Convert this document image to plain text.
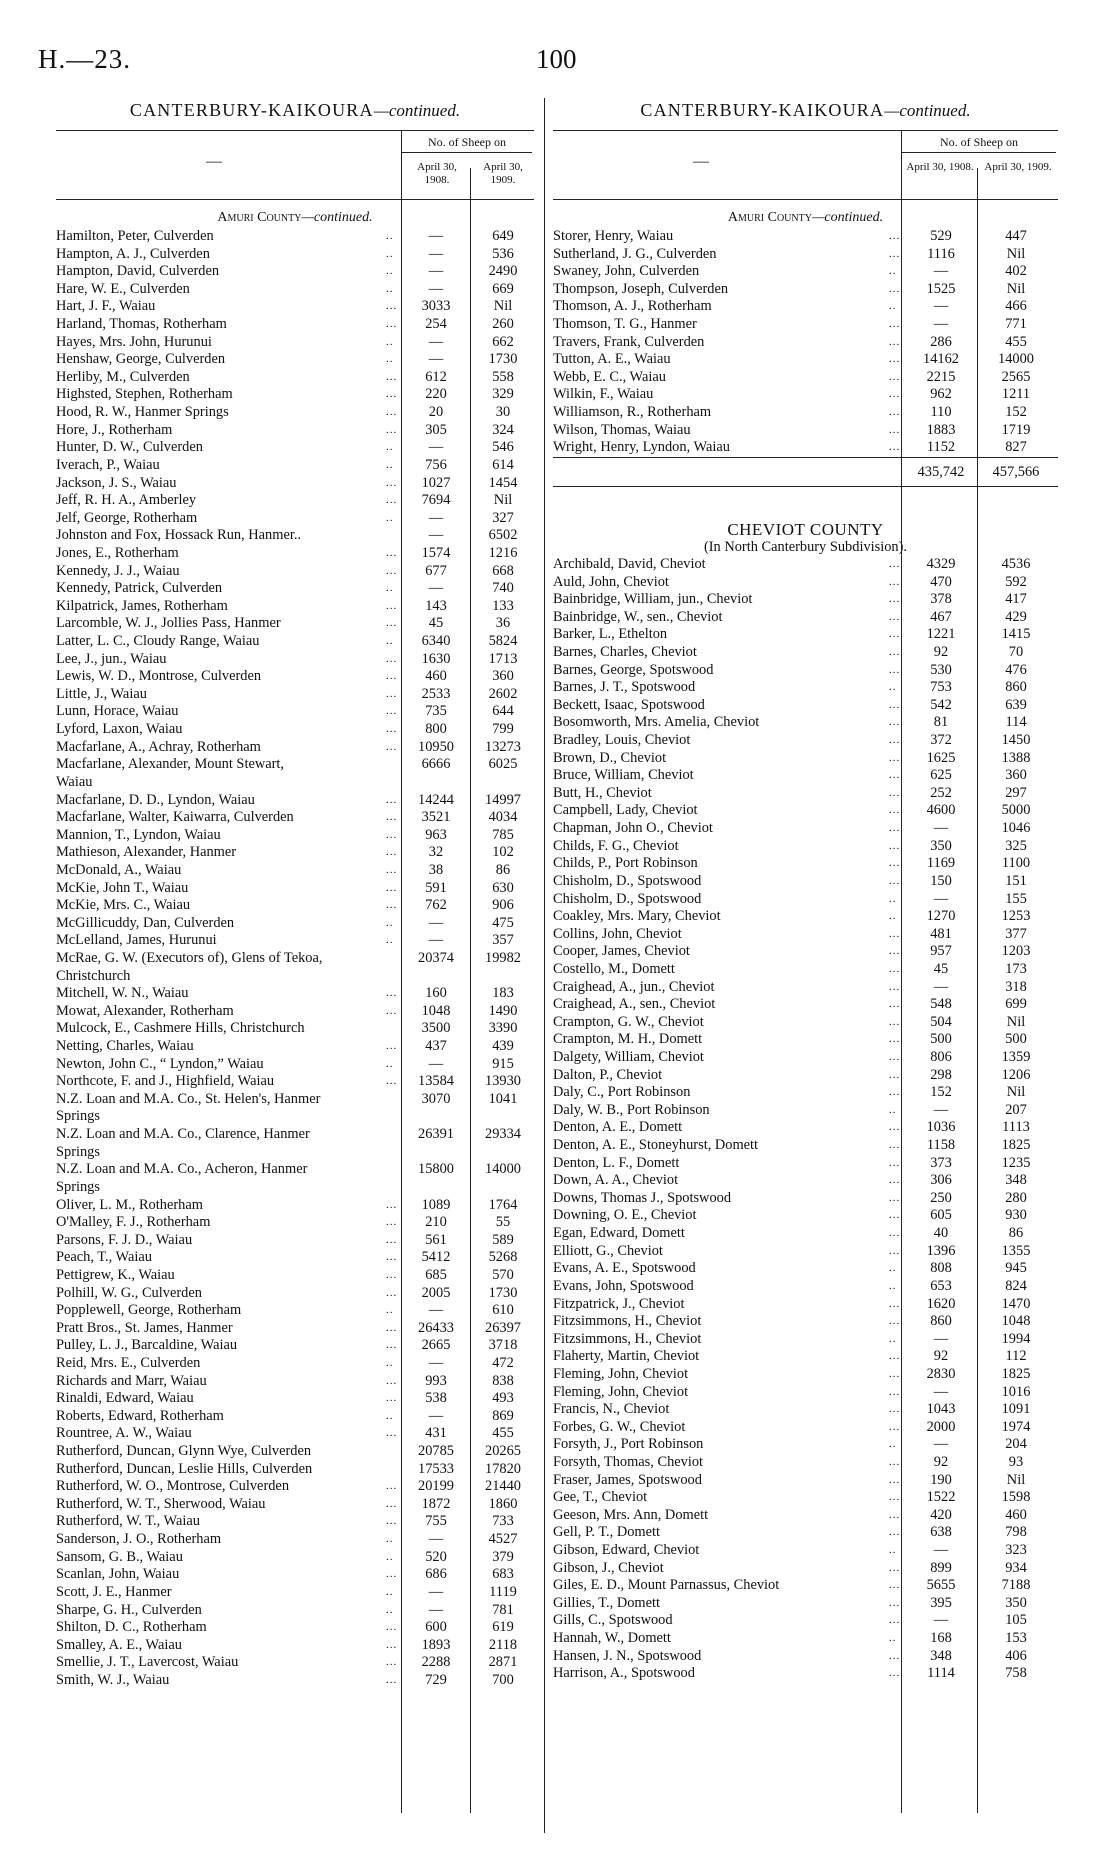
H.—23.	100
CANTERBURY-KAIKOURA—continued.
—
No. of Sheep on
April 30, 1908.
April 30, 1909.
Amuri County—continued.
Hamilton, Peter, Culverden	..	—	649
Hampton, A. J., Culverden	..	—	536
Hampton, David, Culverden	..	—	2490
Hare, W. E., Culverden	..	—	669
Hart, J. F., Waiau	...	3033	Nil
Harland, Thomas, Rotherham	...	254	260
Hayes, Mrs. John, Hurunui	..	—	662
Henshaw, George, Culverden	..	—	1730
Herliby, M., Culverden	...	612	558
Highsted, Stephen, Rotherham	...	220	329
Hood, R. W., Hanmer Springs	...	20	30
Hore, J., Rotherham	...	305	324
Hunter, D. W., Culverden	..	—	546
Iverach, P., Waiau	..	756	614
Jackson, J. S., Waiau	...	1027	1454
Jeff, R. H. A., Amberley	...	7694	Nil
Jelf, George, Rotherham	..	—	327
Johnston and Fox, Hossack Run, Hanmer..	—	6502
Jones, E., Rotherham	...	1574	1216
Kennedy, J. J., Waiau	...	677	668
Kennedy, Patrick, Culverden	..	—	740
Kilpatrick, James, Rotherham	...	143	133
Larcomble, W. J., Jollies Pass, Hanmer	...	45	36
Latter, L. C., Cloudy Range, Waiau	..	6340	5824
Lee, J., jun., Waiau	...	1630	1713
Lewis, W. D., Montrose, Culverden	...	460	360
Little, J., Waiau	...	2533	2602
Lunn, Horace, Waiau	...	735	644
Lyford, Laxon, Waiau	...	800	799
Macfarlane, A., Achray, Rotherham	...	10950	13273
Macfarlane, Alexander, Mount Stewart,	6666	6025
Waiau
Macfarlane, D. D., Lyndon, Waiau	...	14244	14997
Macfarlane, Walter, Kaiwarra, Culverden	...	3521	4034
Mannion, T., Lyndon, Waiau	...	963	785
Mathieson, Alexander, Hanmer	...	32	102
McDonald, A., Waiau	...	38	86
McKie, John T., Waiau	...	591	630
McKie, Mrs. C., Waiau	...	762	906
McGillicuddy, Dan, Culverden	..	—	475
McLelland, James, Hurunui	..	—	357
McRae, G. W. (Executors of), Glens of Tekoa,	20374	19982
Christchurch
Mitchell, W. N., Waiau	...	160	183
Mowat, Alexander, Rotherham	...	1048	1490
Mulcock, E., Cashmere Hills, Christchurch	3500	3390
Netting, Charles, Waiau	...	437	439
Newton, John C., “ Lyndon,” Waiau	..	—	915
Northcote, F. and J., Highfield, Waiau	...	13584	13930
N.Z. Loan and M.A. Co., St. Helen's, Hanmer	3070	1041
Springs
N.Z. Loan and M.A. Co., Clarence, Hanmer	26391	29334
Springs
N.Z. Loan and M.A. Co., Acheron, Hanmer	15800	14000
Springs
Oliver, L. M., Rotherham	...	1089	1764
O'Malley, F. J., Rotherham	...	210	55
Parsons, F. J. D., Waiau	...	561	589
Peach, T., Waiau	...	5412	5268
Pettigrew, K., Waiau	...	685	570
Polhill, W. G., Culverden	...	2005	1730
Popplewell, George, Rotherham	..	—	610
Pratt Bros., St. James, Hanmer	...	26433	26397
Pulley, L. J., Barcaldine, Waiau	...	2665	3718
Reid, Mrs. E., Culverden	..	—	472
Richards and Marr, Waiau	...	993	838
Rinaldi, Edward, Waiau	...	538	493
Roberts, Edward, Rotherham	..	—	869
Rountree, A. W., Waiau	...	431	455
Rutherford, Duncan, Glynn Wye, Culverden	20785	20265
Rutherford, Duncan, Leslie Hills, Culverden	17533	17820
Rutherford, W. O., Montrose, Culverden	...	20199	21440
Rutherford, W. T., Sherwood, Waiau	...	1872	1860
Rutherford, W. T., Waiau	...	755	733
Sanderson, J. O., Rotherham	..	—	4527
Sansom, G. B., Waiau	..	520	379
Scanlan, John, Waiau	...	686	683
Scott, J. E., Hanmer	..	—	1119
Sharpe, G. H., Culverden	..	—	781
Shilton, D. C., Rotherham	...	600	619
Smalley, A. E., Waiau	...	1893	2118
Smellie, J. T., Lavercost, Waiau	...	2288	2871
Smith, W. J., Waiau	...	729	700
CANTERBURY-KAIKOURA—continued.
—
No. of Sheep on
April 30, 1908. April 30, 1909.
Amuri County—continued.
Storer, Henry, Waiau	...	529	447
Sutherland, J. G., Culverden	...	1116	Nil
Swaney, John, Culverden	..	—	402
Thompson, Joseph, Culverden	...	1525	Nil
Thomson, A. J., Rotherham	..	—	466
Thomson, T. G., Hanmer	...	—	771
Travers, Frank, Culverden	...	286	455
Tutton, A. E., Waiau	...	14162	14000
Webb, E. C., Waiau	...	2215	2565
Wilkin, F., Waiau	...	962	1211
Williamson, R., Rotherham	...	110	152
Wilson, Thomas, Waiau	...	1883	1719
Wright, Henry, Lyndon, Waiau	...	1152	827
435,742	457,566
CHEVIOT COUNTY
(In North Canterbury Subdivision).
Archibald, David, Cheviot	...	4329	4536
Auld, John, Cheviot	...	470	592
Bainbridge, William, jun., Cheviot	...	378	417
Bainbridge, W., sen., Cheviot	...	467	429
Barker, L., Ethelton	...	1221	1415
Barnes, Charles, Cheviot	...	92	70
Barnes, George, Spotswood	...	530	476
Barnes, J. T., Spotswood	..	753	860
Beckett, Isaac, Spotswood	...	542	639
Bosomworth, Mrs. Amelia, Cheviot	...	81	114
Bradley, Louis, Cheviot	...	372	1450
Brown, D., Cheviot	...	1625	1388
Bruce, William, Cheviot	...	625	360
Butt, H., Cheviot	...	252	297
Campbell, Lady, Cheviot	...	4600	5000
Chapman, John O., Cheviot	...	—	1046
Childs, F. G., Cheviot	...	350	325
Childs, P., Port Robinson	...	1169	1100
Chisholm, D., Spotswood	...	150	151
Chisholm, D., Spotswood	..	—	155
Coakley, Mrs. Mary, Cheviot	..	1270	1253
Collins, John, Cheviot	...	481	377
Cooper, James, Cheviot	...	957	1203
Costello, M., Domett	...	45	173
Craighead, A., jun., Cheviot	...	—	318
Craighead, A., sen., Cheviot	...	548	699
Crampton, G. W., Cheviot	...	504	Nil
Crampton, M. H., Domett	...	500	500
Dalgety, William, Cheviot	...	806	1359
Dalton, P., Cheviot	...	298	1206
Daly, C., Port Robinson	...	152	Nil
Daly, W. B., Port Robinson	..	—	207
Denton, A. E., Domett	...	1036	1113
Denton, A. E., Stoneyhurst, Domett	...	1158	1825
Denton, L. F., Domett	...	373	1235
Down, A. A., Cheviot	...	306	348
Downs, Thomas J., Spotswood	...	250	280
Downing, O. E., Cheviot	...	605	930
Egan, Edward, Domett	...	40	86
Elliott, G., Cheviot	...	1396	1355
Evans, A. E., Spotswood	..	808	945
Evans, John, Spotswood	..	653	824
Fitzpatrick, J., Cheviot	...	1620	1470
Fitzsimmons, H., Cheviot	...	860	1048
Fitzsimmons, H., Cheviot	..	—	1994
Flaherty, Martin, Cheviot	...	92	112
Fleming, John, Cheviot	...	2830	1825
Fleming, John, Cheviot	...	—	1016
Francis, N., Cheviot	...	1043	1091
Forbes, G. W., Cheviot	...	2000	1974
Forsyth, J., Port Robinson	..	—	204
Forsyth, Thomas, Cheviot	...	92	93
Fraser, James, Spotswood	...	190	Nil
Gee, T., Cheviot	...	1522	1598
Geeson, Mrs. Ann, Domett	...	420	460
Gell, P. T., Domett	...	638	798
Gibson, Edward, Cheviot	..	—	323
Gibson, J., Cheviot	...	899	934
Giles, E. D., Mount Parnassus, Cheviot	...	5655	7188
Gillies, T., Domett	...	395	350
Gills, C., Spotswood	...	—	105
Hannah, W., Domett	..	168	153
Hansen, J. N., Spotswood	...	348	406
Harrison, A., Spotswood	...	1114	758
